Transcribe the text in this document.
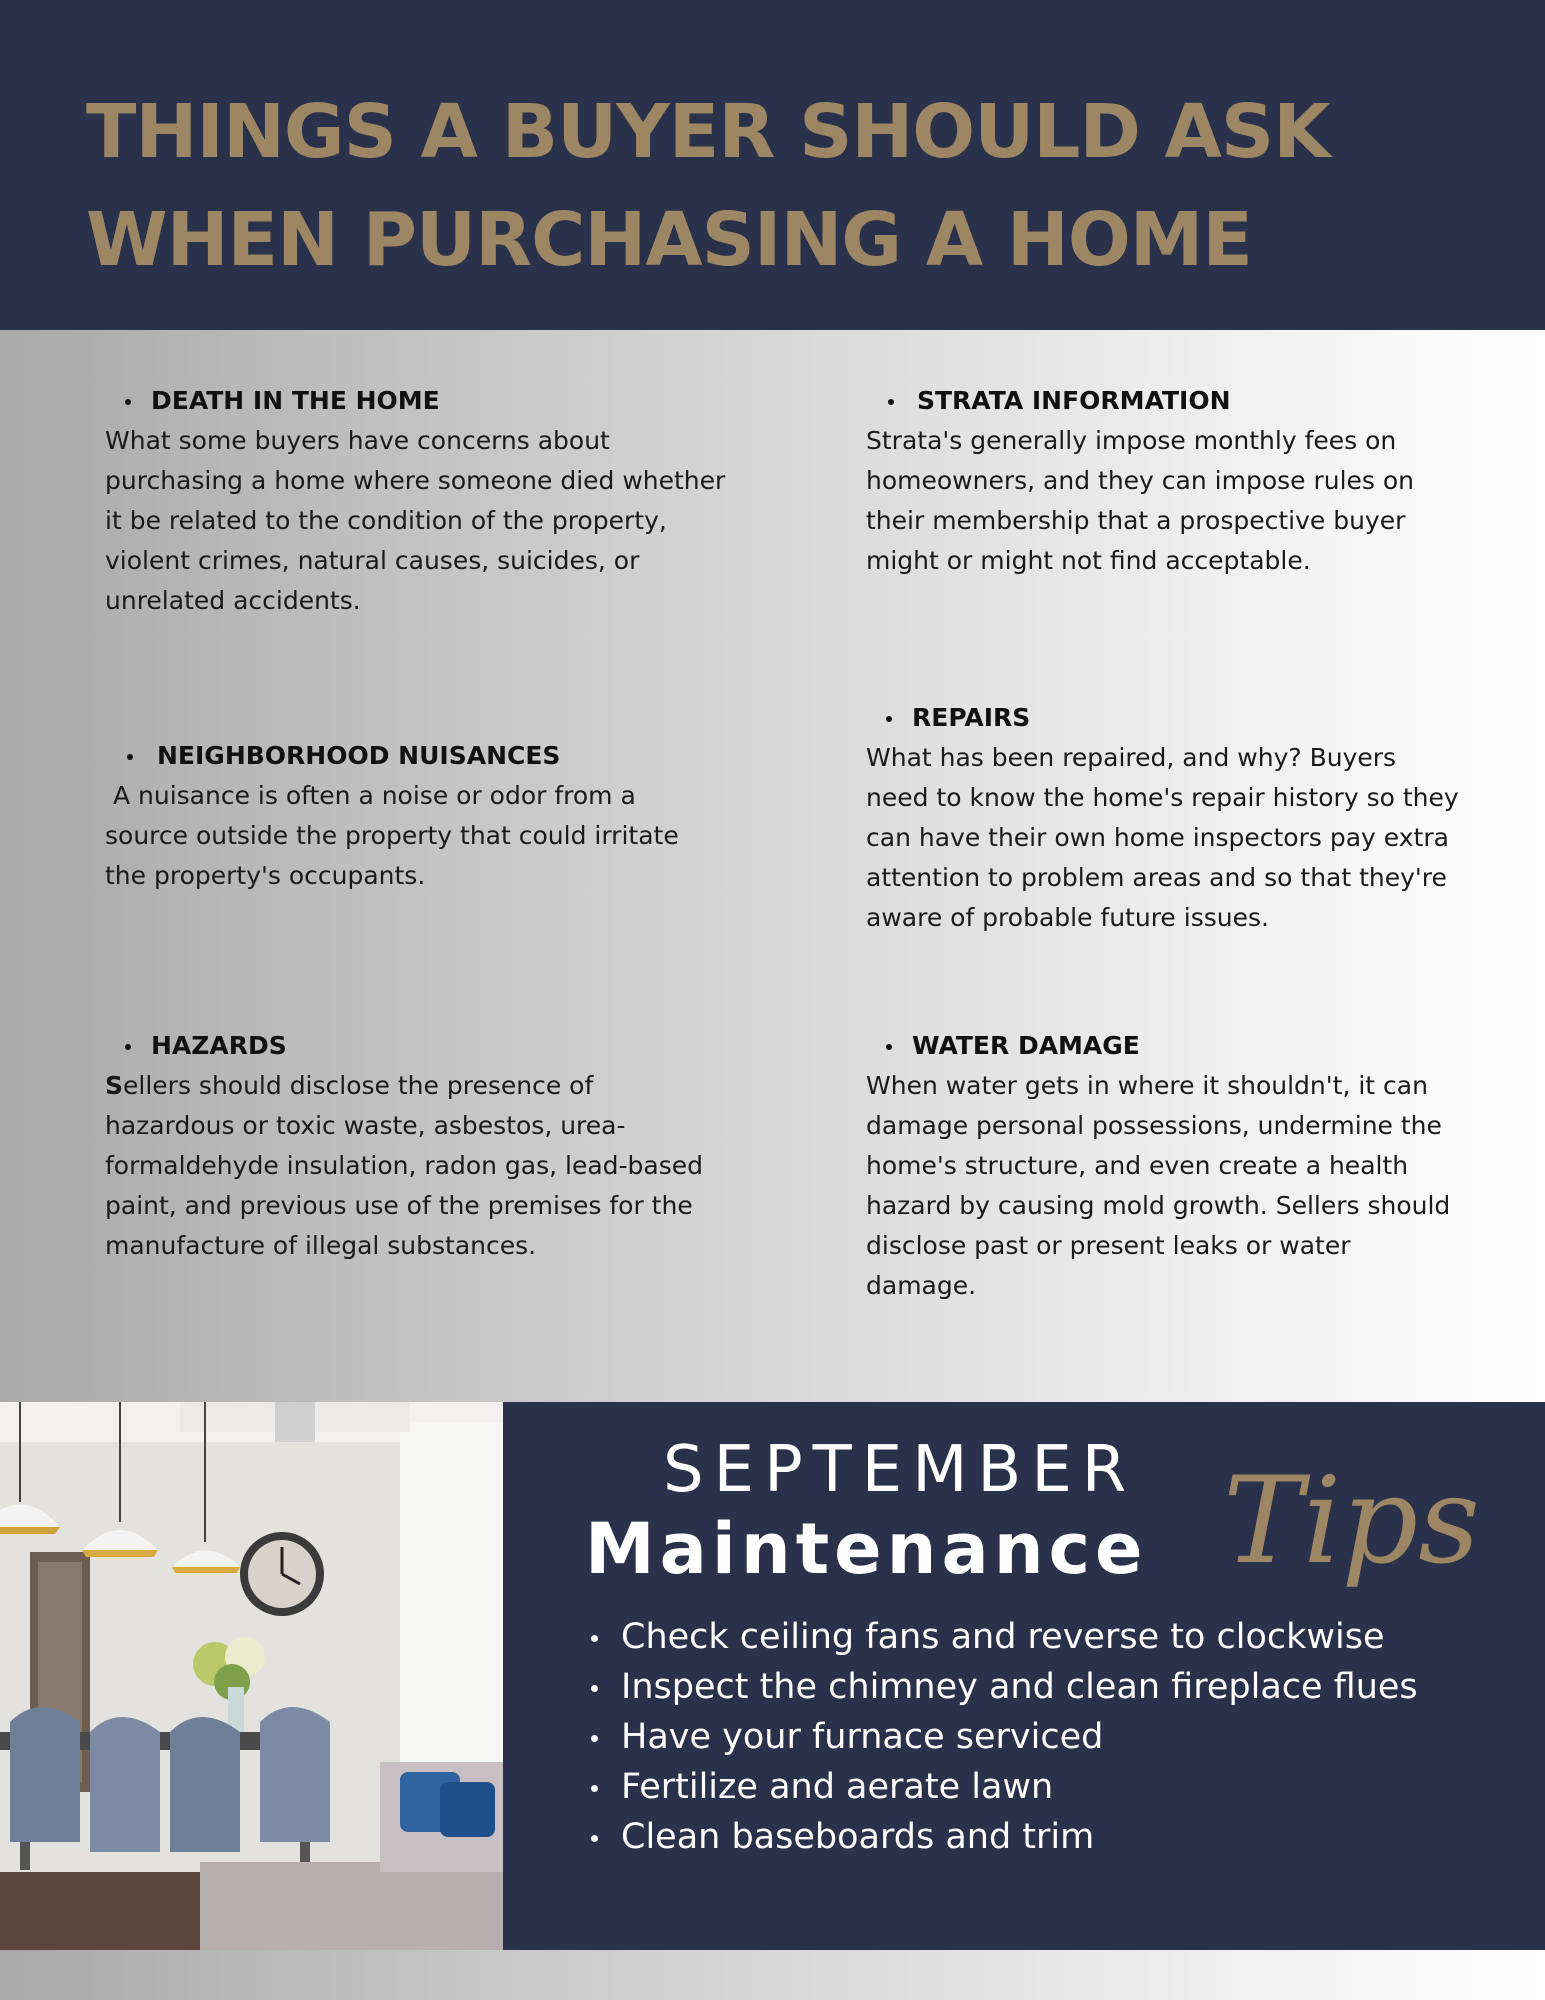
THINGS A BUYER SHOULD ASK WHEN PURCHASING A HOME
DEATH IN THE HOME
What some buyers have concerns about purchasing a home where someone died whether it be related to the condition of the property, violent crimes, natural causes, suicides, or unrelated accidents.
STRATA INFORMATION
Strata's generally impose monthly fees on homeowners, and they can impose rules on their membership that a prospective buyer might or might not find acceptable.
NEIGHBORHOOD NUISANCES
A nuisance is often a noise or odor from a source outside the property that could irritate the property's occupants.
REPAIRS
What has been repaired, and why? Buyers need to know the home's repair history so they can have their own home inspectors pay extra attention to problem areas and so that they're aware of probable future issues.
HAZARDS
Sellers should disclose the presence of hazardous or toxic waste, asbestos, urea-formaldehyde insulation, radon gas, lead-based paint, and previous use of the premises for the manufacture of illegal substances.
WATER DAMAGE
When water gets in where it shouldn't, it can damage personal possessions, undermine the home's structure, and even create a health hazard by causing mold growth. Sellers should disclose past or present leaks or water damage.
SEPTEMBER
Maintenance Tips
Check ceiling fans and reverse to clockwise
Inspect the chimney and clean fireplace flues
Have your furnace serviced
Fertilize and aerate lawn
Clean baseboards and trim
